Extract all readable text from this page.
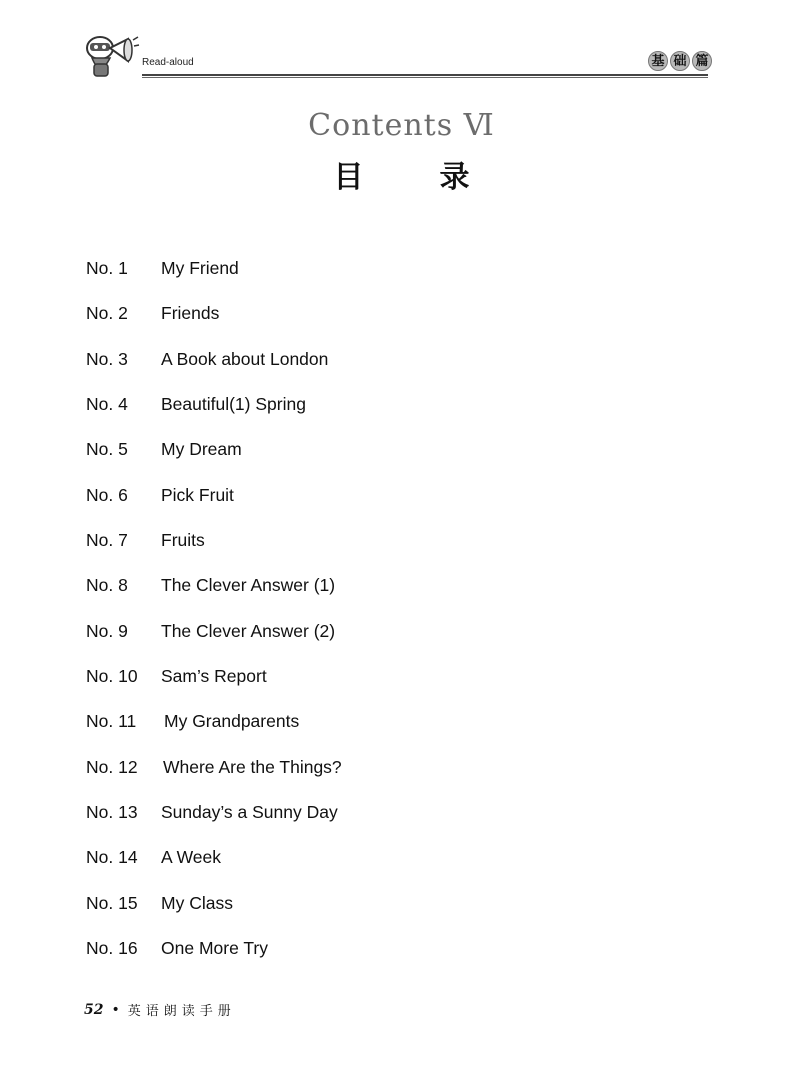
Read-aloud	基 础 篇
Contents Ⅵ
目	录
No. 1 My Friend
No. 2 Friends
No. 3 A Book about London
No. 4 Beautiful(1) Spring
No. 5 My Dream
No. 6 Pick Fruit
No. 7 Fruits
No. 8 The Clever Answer (1)
No. 9 The Clever Answer (2)
No. 10 Sam’s Report
No. 11 My Grandparents
No. 12 Where Are the Things?
No. 13 Sunday’s a Sunny Day
No. 14 A Week
No. 15 My Class
No. 16 One More Try
52 • 英语朗读手册
